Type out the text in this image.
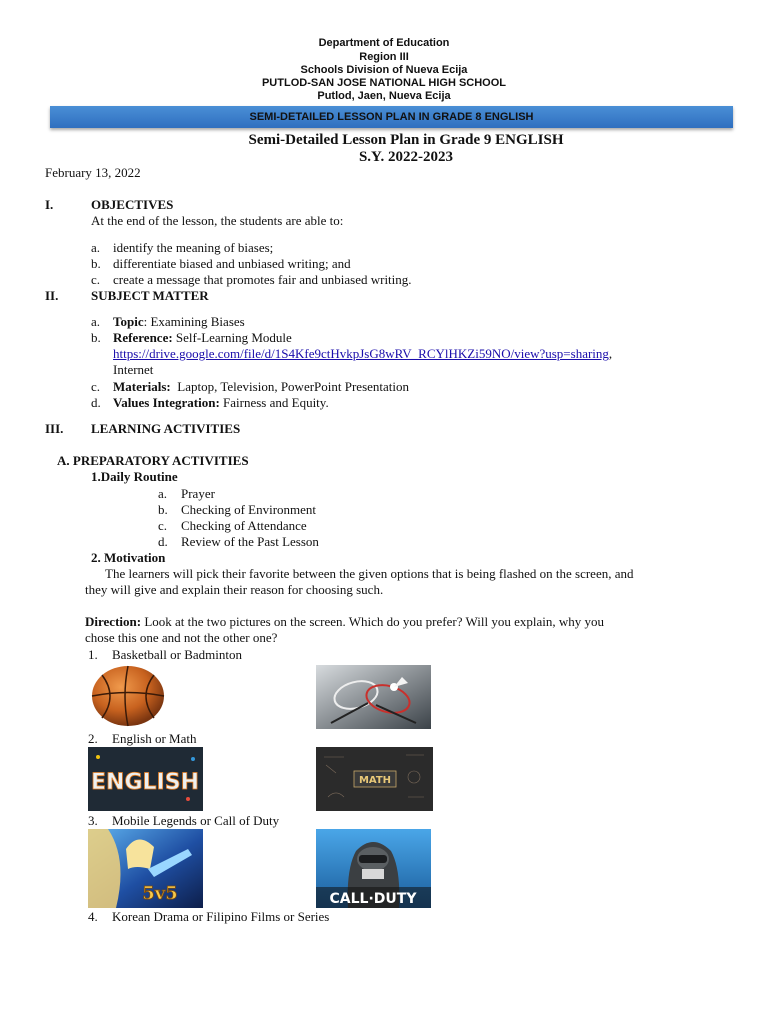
Department of Education
Region III
Schools Division of Nueva Ecija
PUTLOD-SAN JOSE NATIONAL HIGH SCHOOL
Putlod, Jaen, Nueva Ecija
SEMI-DETAILED LESSON PLAN IN GRADE 8 ENGLISH
Semi-Detailed Lesson Plan in Grade 9 ENGLISH
S.Y. 2022-2023
February 13, 2022
I.	OBJECTIVES
At the end of the lesson, the students are able to:
a. identify the meaning of biases;
b. differentiate biased and unbiased writing; and
c. create a message that promotes fair and unbiased writing.
II.	SUBJECT MATTER
a. Topic: Examining Biases
b. Reference: Self-Learning Module
https://drive.google.com/file/d/1S4Kfe9ctHvkpJsG8wRV_RCYlHKZi59NO/view?usp=sharing,
Internet
c. Materials:  Laptop, Television, PowerPoint Presentation
d. Values Integration: Fairness and Equity.
III. LEARNING ACTIVITIES
A. PREPARATORY ACTIVITIES
1.Daily Routine
a. Prayer
b. Checking of Environment
c. Checking of Attendance
d. Review of the Past Lesson
2. Motivation
The learners will pick their favorite between the given options that is being flashed on the screen, and
they will give and explain their reason for choosing such.
Direction: Look at the two pictures on the screen. Which do you prefer? Will you explain, why you
chose this one and not the other one?
1. Basketball or Badminton
2. English or Math
ENGLISH	MATH
3. Mobile Legends or Call of Duty
5v5	CALL·DUTY
4. Korean Drama or Filipino Films or Series
